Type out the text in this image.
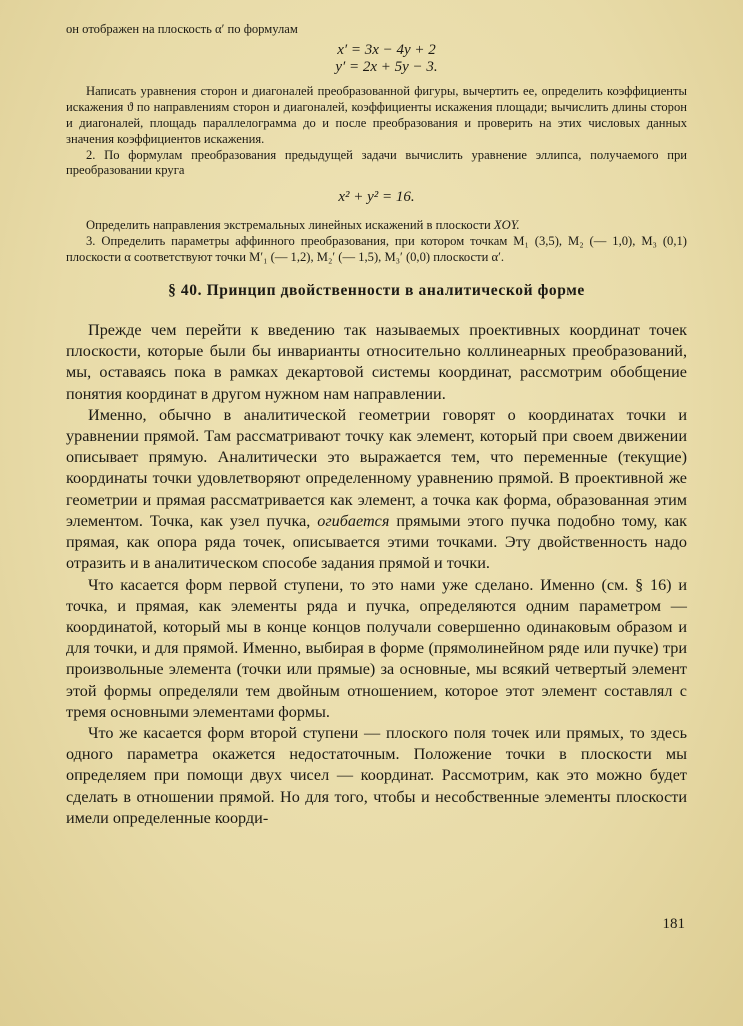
он отображен на плоскость α′ по формулам

x′ = 3x − 4y + 2

y′ = 2x + 5y − 3.

Написать уравнения сторон и диагоналей преобразованной фигуры, вычертить ее, определить коэффициенты искажения ϑ по направлениям сторон и диагоналей, коэффициенты искажения площади; вычислить длины сторон и диагоналей, площадь параллелограмма до и после преобразования и проверить на этих числовых данных значения коэффициентов искажения.

2. По формулам преобразования предыдущей задачи вычислить уравнение эллипса, получаемого при преобразовании круга

x² + y² = 16.

Определить направления экстремальных линейных искажений в плоскости XOY.

3. Определить параметры аффинного преобразования, при котором точкам M₁ (3,5), M₂ (— 1,0), M₃ (0,1) плоскости α соответствуют точки M′₁ (— 1,2), M₂′ (— 1,5), M₃′ (0,0) плоскости α′.

§ 40. Принцип двойственности в аналитической форме

Прежде чем перейти к введению так называемых проективных координат точек плоскости, которые были бы инварианты относительно коллинеарных преобразований, мы, оставаясь пока в рамках декартовой системы координат, рассмотрим обобщение понятия координат в другом нужном нам направлении.

Именно, обычно в аналитической геометрии говорят о координатах точки и уравнении прямой. Там рассматривают точку как элемент, который при своем движении описывает прямую. Аналитически это выражается тем, что переменные (текущие) координаты точки удовлетворяют определенному уравнению прямой. В проективной же геометрии и прямая рассматривается как элемент, а точка как форма, образованная этим элементом. Точка, как узел пучка, огибается прямыми этого пучка подобно тому, как прямая, как опора ряда точек, описывается этими точками. Эту двойственность надо отразить и в аналитическом способе задания прямой и точки.

Что касается форм первой ступени, то это нами уже сделано. Именно (см. § 16) и точка, и прямая, как элементы ряда и пучка, определяются одним параметром — координатой, который мы в конце концов получали совершенно одинаковым образом и для точки, и для прямой. Именно, выбирая в форме (прямолинейном ряде или пучке) три произвольные элемента (точки или прямые) за основные, мы всякий четвертый элемент этой формы определяли тем двойным отношением, которое этот элемент составлял с тремя основными элементами формы.

Что же касается форм второй ступени — плоского поля точек или прямых, то здесь одного параметра окажется недостаточным. Положение точки в плоскости мы определяем при помощи двух чисел — координат. Рассмотрим, как это можно будет сделать в отношении прямой. Но для того, чтобы и несобственные элементы плоскости имели определенные коорди-

181
